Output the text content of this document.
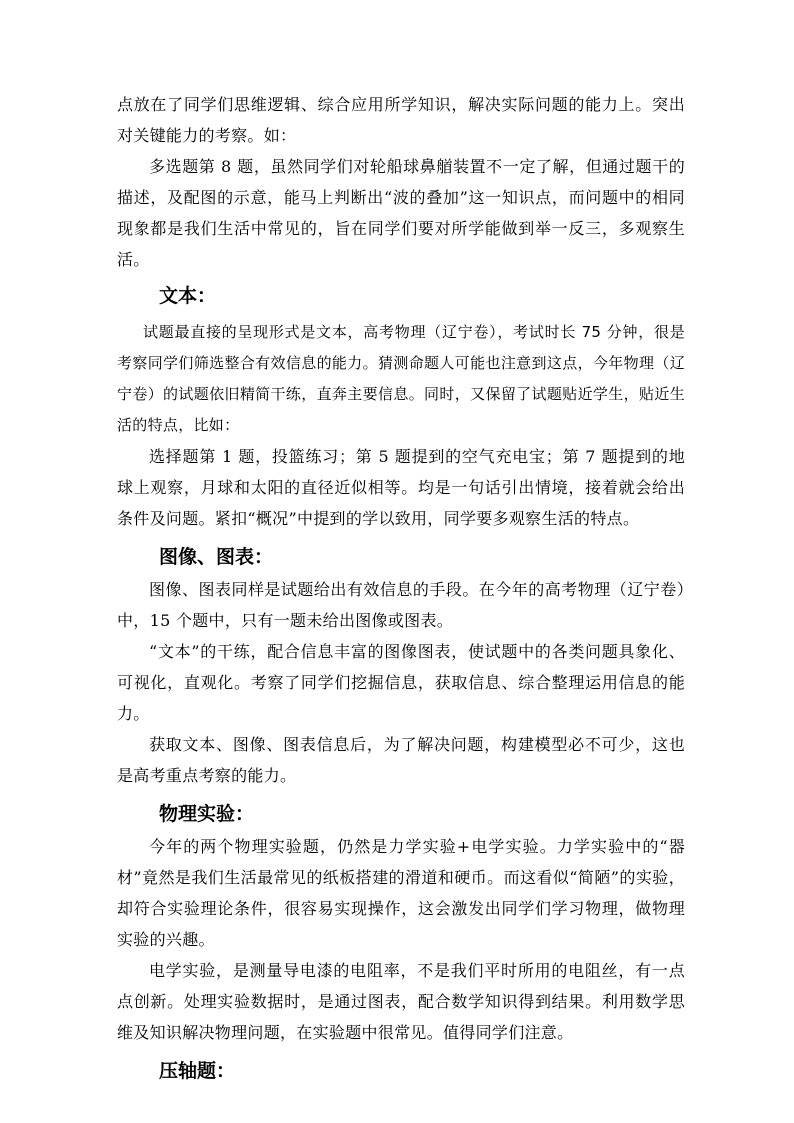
点放在了同学们思维逻辑、综合应用所学知识，解决实际问题的能力上。突出对关键能力的考察。如：

多选题第 8 题，虽然同学们对轮船球鼻艏装置不一定了解，但通过题干的描述，及配图的示意，能马上判断出“波的叠加”这一知识点，而问题中的相同现象都是我们生活中常见的，旨在同学们要对所学能做到举一反三，多观察生活。

文本：

试题最直接的呈现形式是文本，高考物理（辽宁卷），考试时长 75 分钟，很是考察同学们筛选整合有效信息的能力。猜测命题人可能也注意到这点，今年物理（辽宁卷）的试题依旧精简干练，直奔主要信息。同时，又保留了试题贴近学生，贴近生活的特点，比如：

选择题第 1 题，投篮练习；第 5 题提到的空气充电宝；第 7 题提到的地球上观察，月球和太阳的直径近似相等。均是一句话引出情境，接着就会给出条件及问题。紧扣“概况”中提到的学以致用，同学要多观察生活的特点。

图像、图表：

图像、图表同样是试题给出有效信息的手段。在今年的高考物理（辽宁卷）中，15 个题中，只有一题未给出图像或图表。

“文本”的干练，配合信息丰富的图像图表，使试题中的各类问题具象化、可视化，直观化。考察了同学们挖掘信息，获取信息、综合整理运用信息的能力。

获取文本、图像、图表信息后，为了解决问题，构建模型必不可少，这也是高考重点考察的能力。

物理实验：

今年的两个物理实验题，仍然是力学实验+电学实验。力学实验中的“器材”竟然是我们生活最常见的纸板搭建的滑道和硬币。而这看似“简陋”的实验，却符合实验理论条件，很容易实现操作，这会激发出同学们学习物理，做物理实验的兴趣。

电学实验，是测量导电漆的电阻率，不是我们平时所用的电阻丝，有一点点创新。处理实验数据时，是通过图表，配合数学知识得到结果。利用数学思维及知识解决物理问题，在实验题中很常见。值得同学们注意。

压轴题：
